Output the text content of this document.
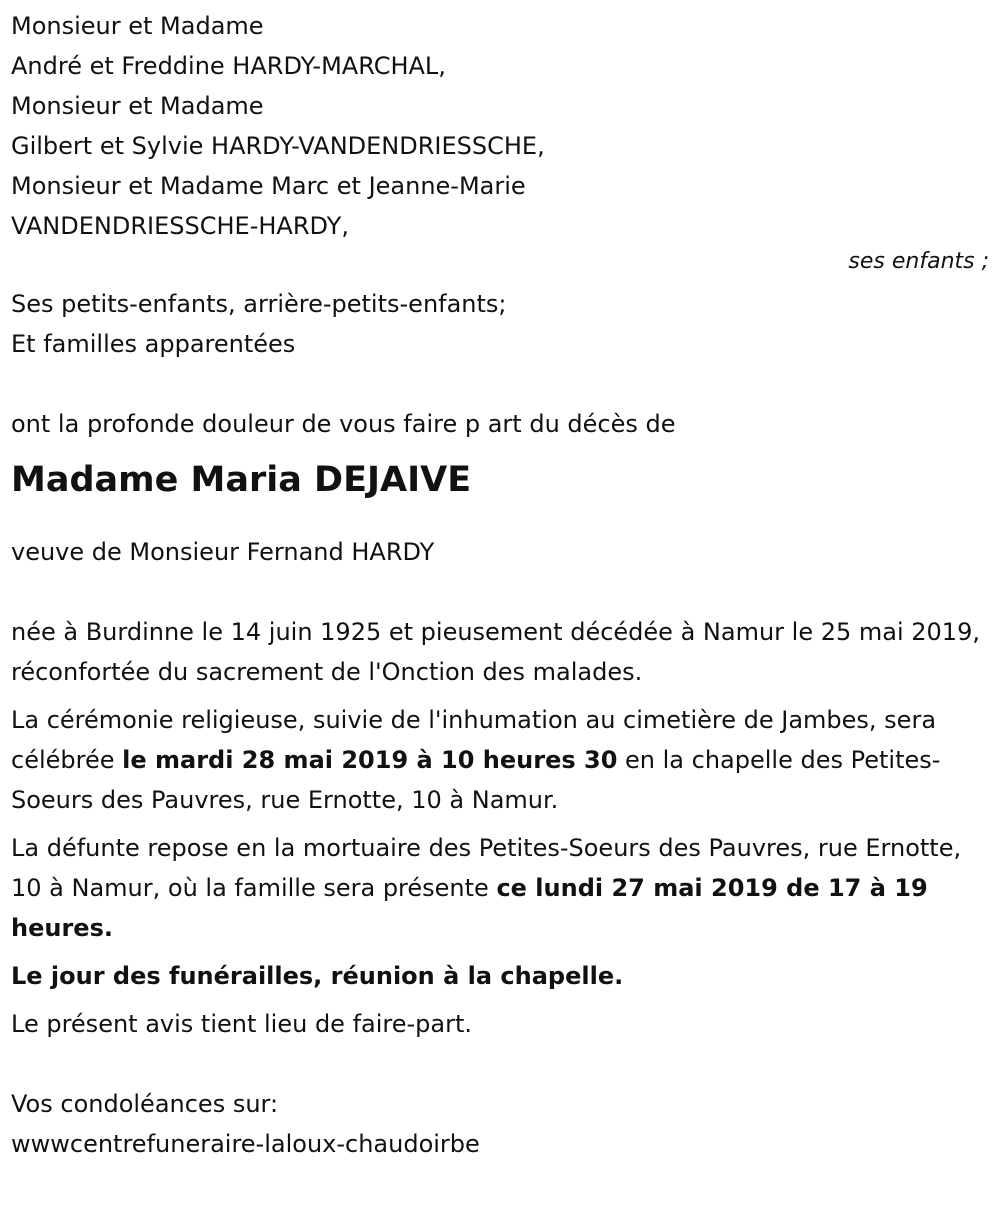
Monsieur et Madame
André et Freddine HARDY-MARCHAL,
Monsieur et Madame
Gilbert et Sylvie HARDY-VANDENDRIESSCHE,
Monsieur et Madame Marc et Jeanne-Marie
VANDENDRIESSCHE-HARDY,
ses enfants ;
Ses petits-enfants, arrière-petits-enfants;
Et familles apparentées
ont la profonde douleur de vous faire p art du décès de
Madame Maria DEJAIVE
veuve de Monsieur Fernand HARDY
née à Burdinne le 14 juin 1925 et pieusement décédée à Namur le 25 mai 2019, réconfortée du sacrement de l'Onction des malades.
La cérémonie religieuse, suivie de l'inhumation au cimetière de Jambes, sera célébrée le mardi 28 mai 2019 à 10 heures 30 en la chapelle des Petites-Soeurs des Pauvres, rue Ernotte, 10 à Namur.
La défunte repose en la mortuaire des Petites-Soeurs des Pauvres, rue Ernotte, 10 à Namur, où la famille sera présente ce lundi 27 mai 2019 de 17 à 19 heures.
Le jour des funérailles, réunion à la chapelle.
Le présent avis tient lieu de faire-part.
Vos condoléances sur:
wwwcentrefuneraire-laloux-chaudoirbe
